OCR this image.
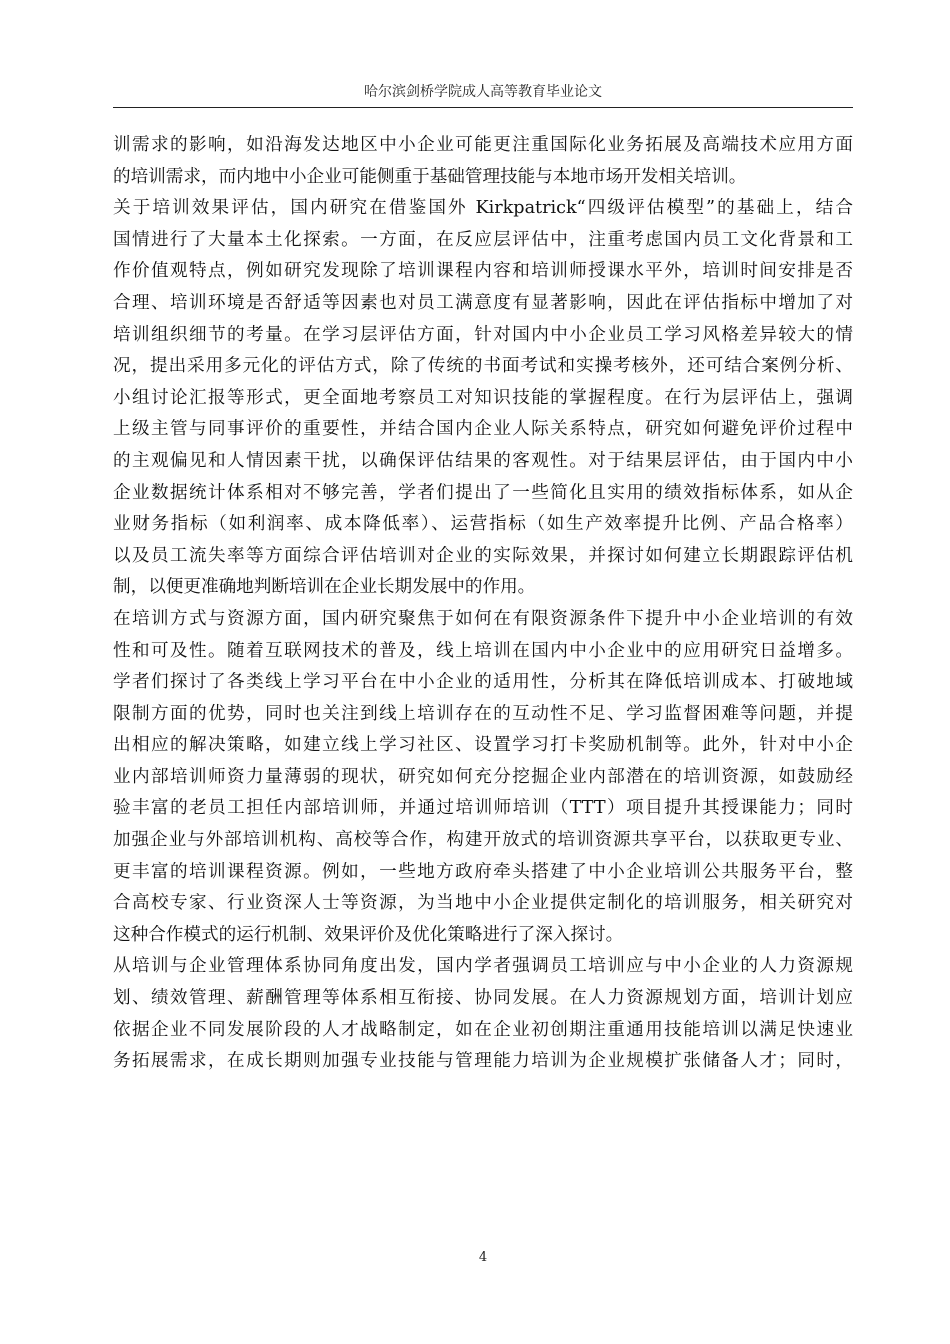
哈尔滨剑桥学院成人高等教育毕业论文
训需求的影响，如沿海发达地区中小企业可能更注重国际化业务拓展及高端技术应用方面
的培训需求，而内地中小企业可能侧重于基础管理技能与本地市场开发相关培训。
关于培训效果评估，国内研究在借鉴国外 Kirkpatrick“四级评估模型”的基础上，结合
国情进行了大量本土化探索。一方面，在反应层评估中，注重考虑国内员工文化背景和工
作价值观特点，例如研究发现除了培训课程内容和培训师授课水平外，培训时间安排是否
合理、培训环境是否舒适等因素也对员工满意度有显著影响，因此在评估指标中增加了对
培训组织细节的考量。在学习层评估方面，针对国内中小企业员工学习风格差异较大的情
况，提出采用多元化的评估方式，除了传统的书面考试和实操考核外，还可结合案例分析、
小组讨论汇报等形式，更全面地考察员工对知识技能的掌握程度。在行为层评估上，强调
上级主管与同事评价的重要性，并结合国内企业人际关系特点，研究如何避免评价过程中
的主观偏见和人情因素干扰，以确保评估结果的客观性。对于结果层评估，由于国内中小
企业数据统计体系相对不够完善，学者们提出了一些简化且实用的绩效指标体系，如从企
业财务指标（如利润率、成本降低率）、运营指标（如生产效率提升比例、产品合格率）
以及员工流失率等方面综合评估培训对企业的实际效果，并探讨如何建立长期跟踪评估机
制，以便更准确地判断培训在企业长期发展中的作用。
在培训方式与资源方面，国内研究聚焦于如何在有限资源条件下提升中小企业培训的有效
性和可及性。随着互联网技术的普及，线上培训在国内中小企业中的应用研究日益增多。
学者们探讨了各类线上学习平台在中小企业的适用性，分析其在降低培训成本、打破地域
限制方面的优势，同时也关注到线上培训存在的互动性不足、学习监督困难等问题，并提
出相应的解决策略，如建立线上学习社区、设置学习打卡奖励机制等。此外，针对中小企
业内部培训师资力量薄弱的现状，研究如何充分挖掘企业内部潜在的培训资源，如鼓励经
验丰富的老员工担任内部培训师，并通过培训师培训（TTT）项目提升其授课能力；同时
加强企业与外部培训机构、高校等合作，构建开放式的培训资源共享平台，以获取更专业、
更丰富的培训课程资源。例如，一些地方政府牵头搭建了中小企业培训公共服务平台，整
合高校专家、行业资深人士等资源，为当地中小企业提供定制化的培训服务，相关研究对
这种合作模式的运行机制、效果评价及优化策略进行了深入探讨。
从培训与企业管理体系协同角度出发，国内学者强调员工培训应与中小企业的人力资源规
划、绩效管理、薪酬管理等体系相互衔接、协同发展。在人力资源规划方面，培训计划应
依据企业不同发展阶段的人才战略制定，如在企业初创期注重通用技能培训以满足快速业
务拓展需求，在成长期则加强专业技能与管理能力培训为企业规模扩张储备人才；同时，
4
